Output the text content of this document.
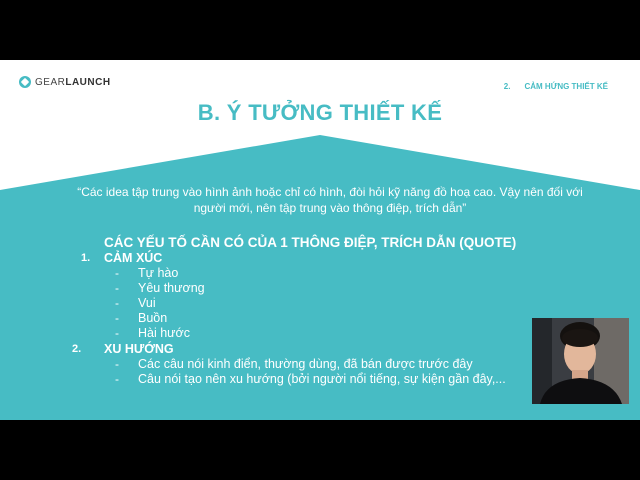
GEARLAUNCH	2. CẢM HỨNG THIẾT KẾ
B. Ý TƯỞNG THIẾT KẾ
“Các idea tập trung vào hình ảnh hoặc chỉ có hình, đòi hỏi kỹ năng đồ hoạ cao. Vậy nên đối với người mới, nên tập trung vào thông điệp, trích dẫn”
CÁC YẾU TỐ CẦN CÓ CỦA 1 THÔNG ĐIỆP, TRÍCH DẪN (QUOTE)
1. CẢM XÚC
- Tự hào
- Yêu thương
- Vui
- Buồn
- Hài hước
2. XU HƯỚNG
- Các câu nói kinh điển, thường dùng, đã bán được trước đây
- Câu nói tạo nên xu hướng (bởi người nổi tiếng, sự kiện gần đây,...
